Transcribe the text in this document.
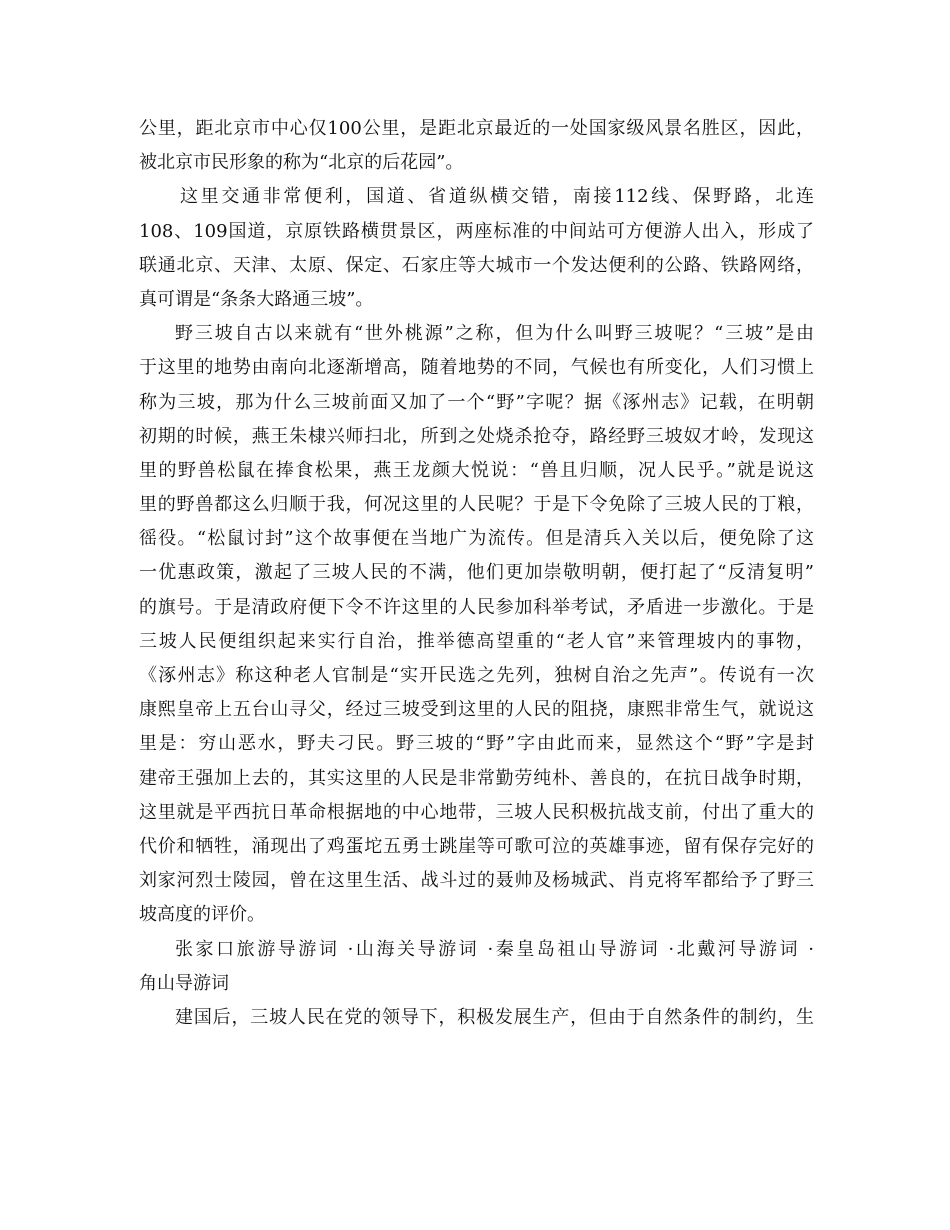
公里，距北京市中心仅100公里，是距北京最近的一处国家级风景名胜区，因此，
被北京市民形象的称为“北京的后花园”。
这里交通非常便利，国道、省道纵横交错，南接112线、保野路，北连
108、109国道，京原铁路横贯景区，两座标准的中间站可方便游人出入，形成了
联通北京、天津、太原、保定、石家庄等大城市一个发达便利的公路、铁路网络，
真可谓是“条条大路通三坡”。
野三坡自古以来就有“世外桃源”之称，但为什么叫野三坡呢？“三坡”是由
于这里的地势由南向北逐渐增高，随着地势的不同，气候也有所变化，人们习惯上
称为三坡，那为什么三坡前面又加了一个“野”字呢？据《涿州志》记载，在明朝
初期的时候，燕王朱棣兴师扫北，所到之处烧杀抢夺，路经野三坡奴才岭，发现这
里的野兽松鼠在捧食松果，燕王龙颜大悦说：“兽且归顺，况人民乎。”就是说这
里的野兽都这么归顺于我，何况这里的人民呢？于是下令免除了三坡人民的丁粮，
徭役。“松鼠讨封”这个故事便在当地广为流传。但是清兵入关以后，便免除了这
一优惠政策，激起了三坡人民的不满，他们更加崇敬明朝，便打起了“反清复明”
的旗号。于是清政府便下令不许这里的人民参加科举考试，矛盾进一步激化。于是
三坡人民便组织起来实行自治，推举德高望重的“老人官”来管理坡内的事物，
《涿州志》称这种老人官制是“实开民选之先列，独树自治之先声”。传说有一次
康熙皇帝上五台山寻父，经过三坡受到这里的人民的阻挠，康熙非常生气，就说这
里是：穷山恶水，野夫刁民。野三坡的“野”字由此而来，显然这个“野”字是封
建帝王强加上去的，其实这里的人民是非常勤劳纯朴、善良的，在抗日战争时期，
这里就是平西抗日革命根据地的中心地带，三坡人民积极抗战支前，付出了重大的
代价和牺牲，涌现出了鸡蛋坨五勇士跳崖等可歌可泣的英雄事迹，留有保存完好的
刘家河烈士陵园，曾在这里生活、战斗过的聂帅及杨城武、肖克将军都给予了野三
坡高度的评价。
张家口旅游导游词 ·山海关导游词 ·秦皇岛祖山导游词 ·北戴河导游词 ·
角山导游词
建国后，三坡人民在党的领导下，积极发展生产，但由于自然条件的制约，生
